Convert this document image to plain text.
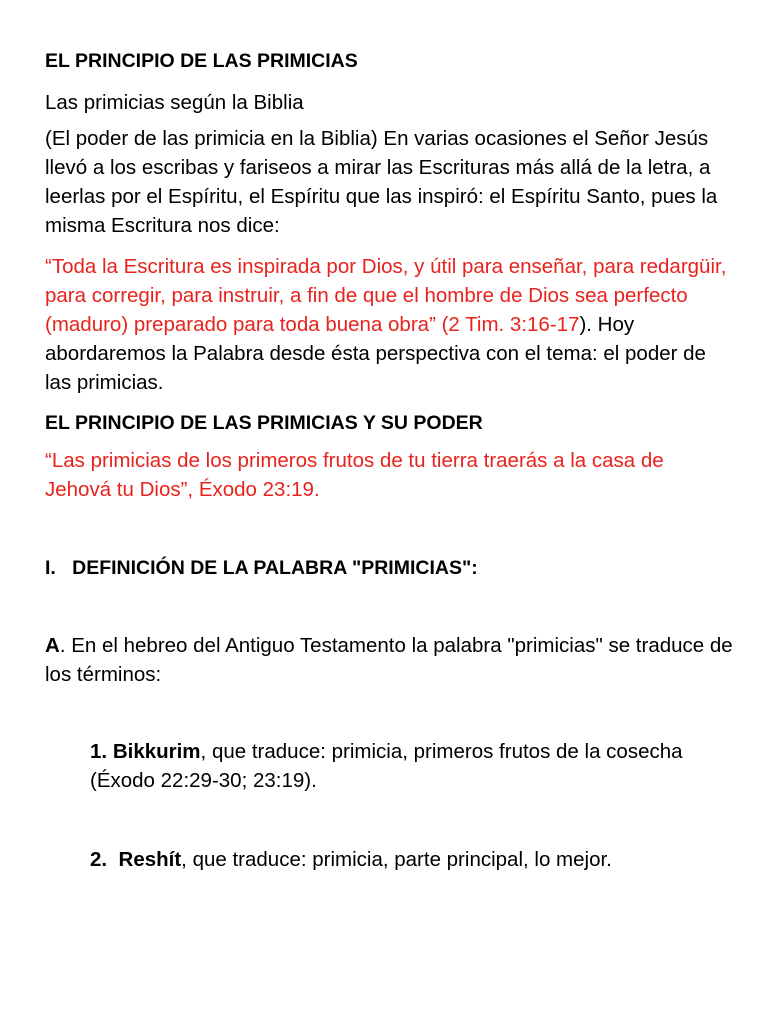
EL PRINCIPIO DE LAS PRIMICIAS

Las primicias según la Biblia

(El poder de las primicia en la Biblia) En varias ocasiones el Señor Jesús llevó a los escribas y fariseos a mirar las Escrituras más allá de la letra, a leerlas por el Espíritu, el Espíritu que las inspiró: el Espíritu Santo, pues la misma Escritura nos dice:

“Toda la Escritura es inspirada por Dios, y útil para enseñar, para redargüir, para corregir, para instruir, a fin de que el hombre de Dios sea perfecto (maduro) preparado para toda buena obra” (2 Tim. 3:16-17). Hoy abordaremos la Palabra desde ésta perspectiva con el tema: el poder de las primicias.

EL PRINCIPIO DE LAS PRIMICIAS Y SU PODER

“Las primicias de los primeros frutos de tu tierra traerás a la casa de Jehová tu Dios”, Éxodo 23:19.

I. DEFINICIÓN DE LA PALABRA "PRIMICIAS":

A. En el hebreo del Antiguo Testamento la palabra "primicias" se traduce de los términos:

1. Bikkurim, que traduce: primicia, primeros frutos de la cosecha (Éxodo 22:29-30; 23:19).

2. Reshít, que traduce: primicia, parte principal, lo mejor.
